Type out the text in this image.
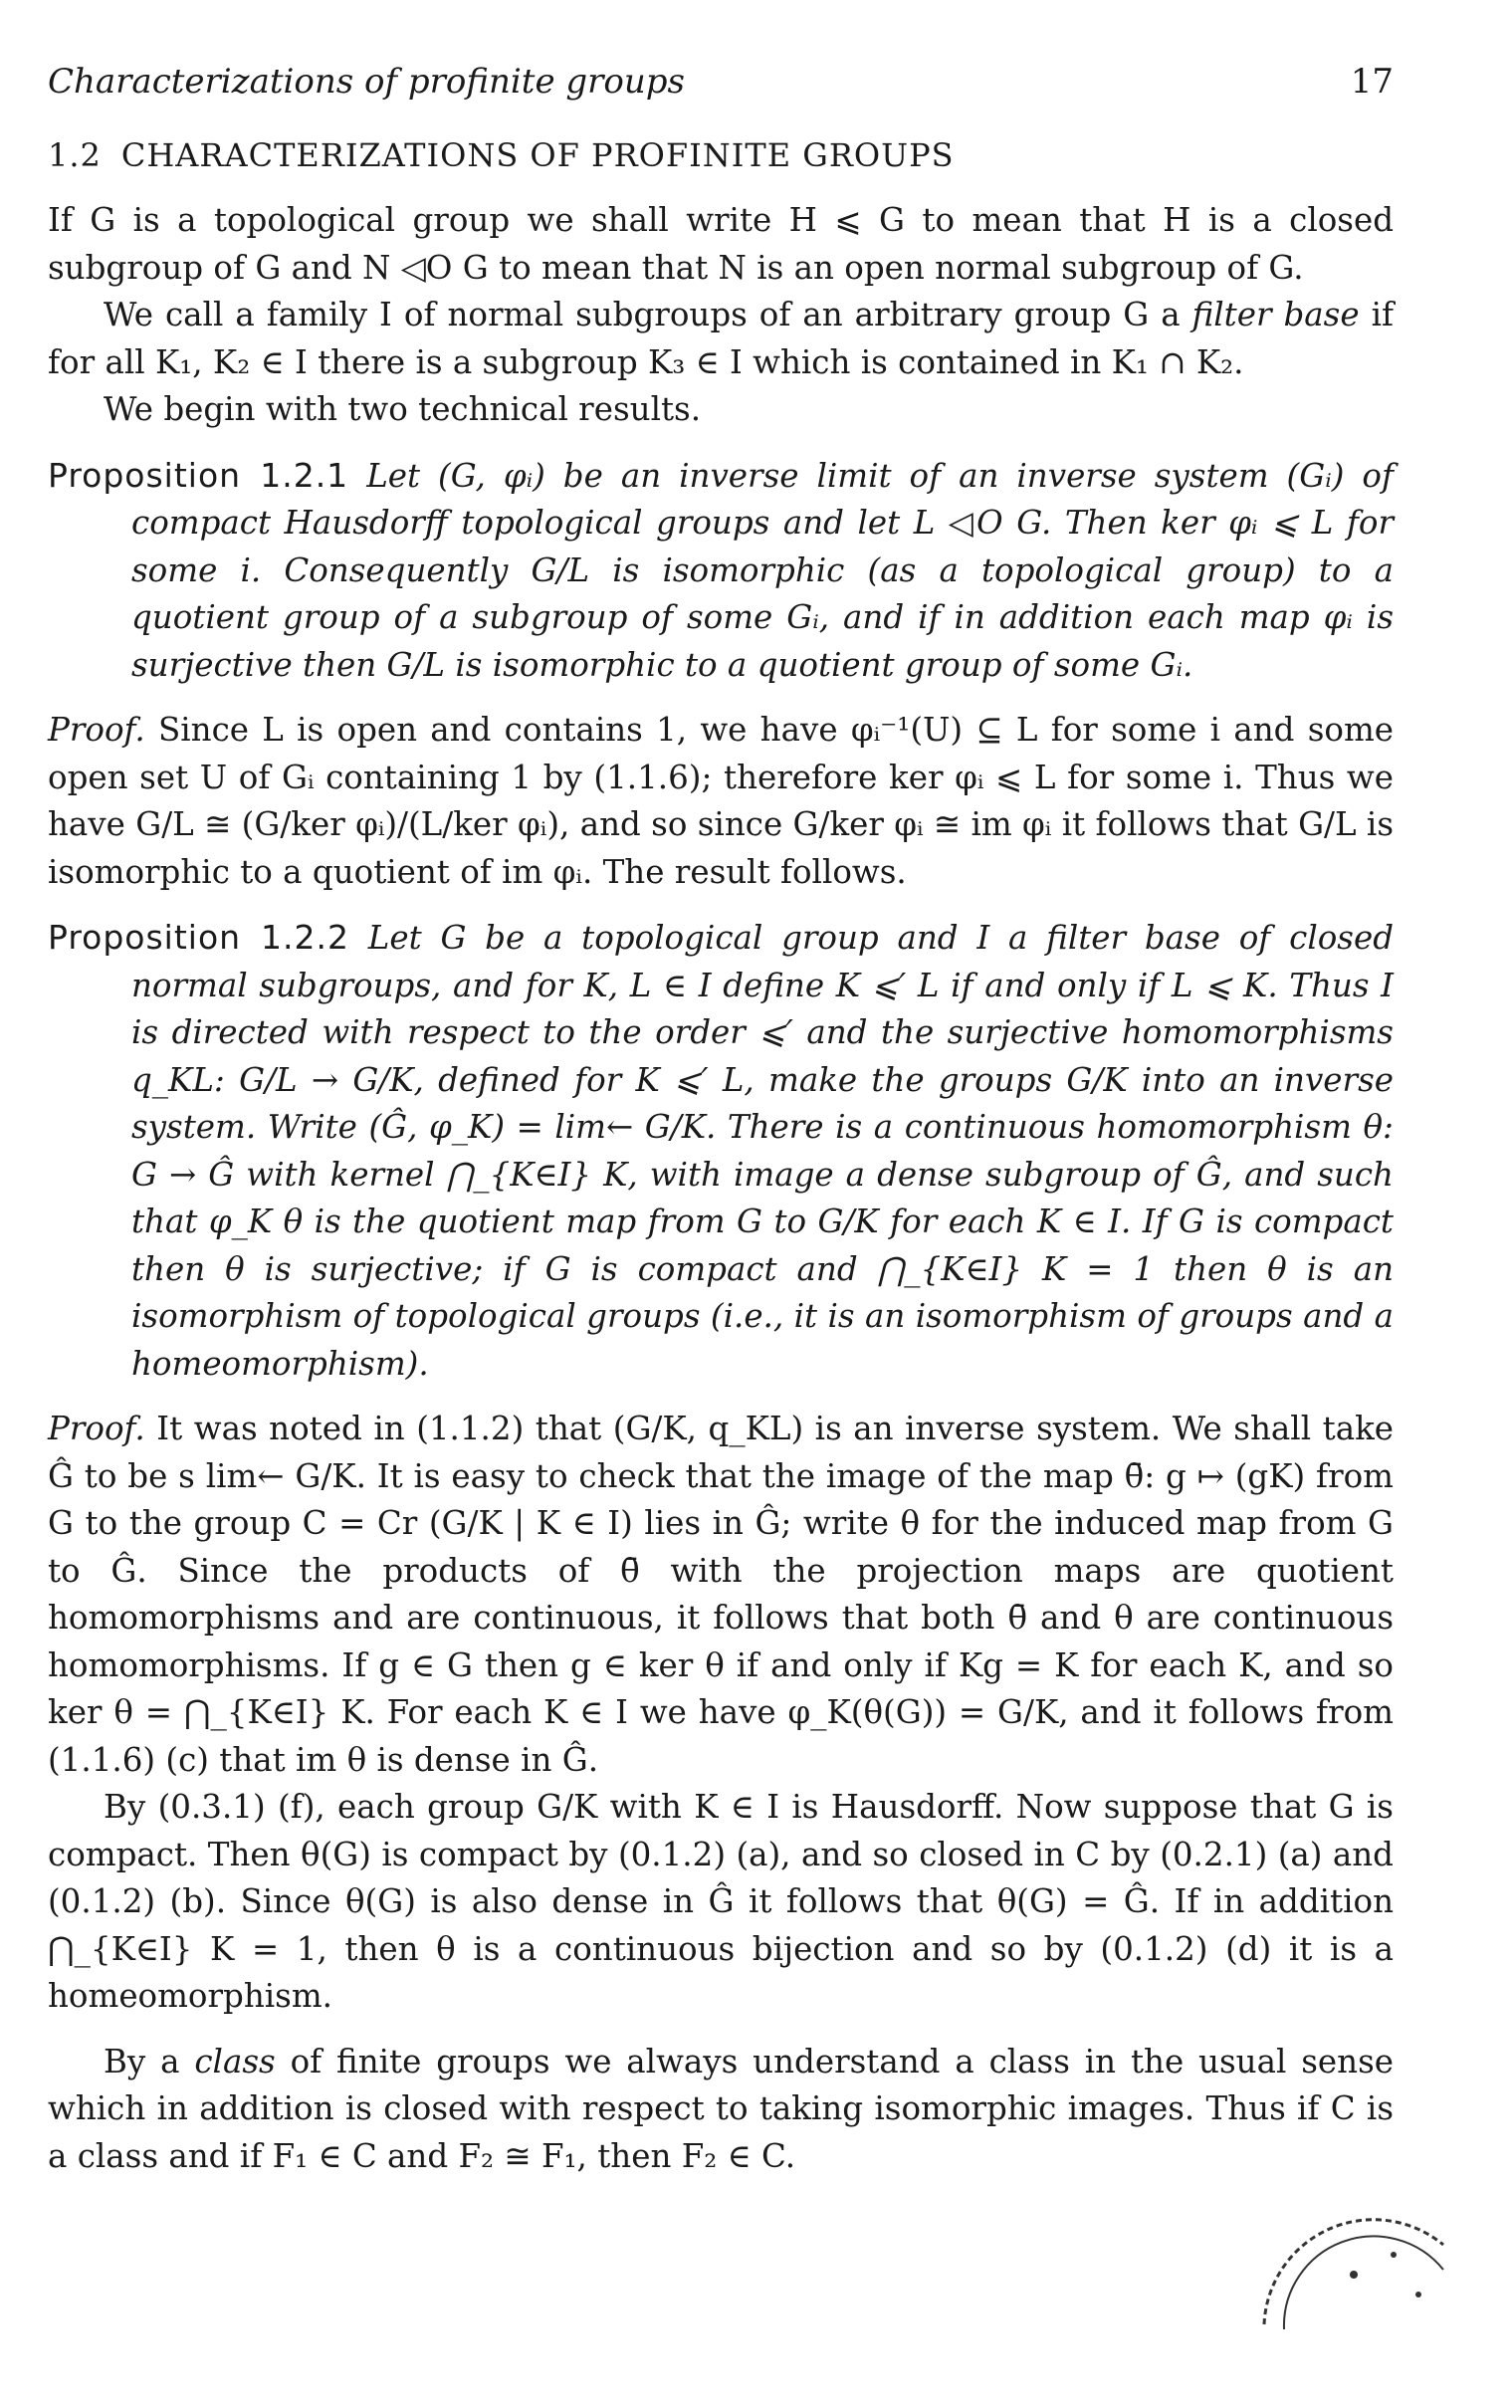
Characterizations of profinite groups	17
1.2 CHARACTERIZATIONS OF PROFINITE GROUPS

If G is a topological group we shall write H ⩽ G to mean that H is a closed subgroup of G and N ◁O G to mean that N is an open normal subgroup of G.

We call a family I of normal subgroups of an arbitrary group G a filter base if for all K₁, K₂ ∈ I there is a subgroup K₃ ∈ I which is contained in K₁ ∩ K₂.

We begin with two technical results.

Proposition 1.2.1 Let (G, φᵢ) be an inverse limit of an inverse system (Gᵢ) of compact Hausdorff topological groups and let L ◁O G. Then ker φᵢ ⩽ L for some i. Consequently G/L is isomorphic (as a topological group) to a quotient group of a subgroup of some Gᵢ, and if in addition each map φᵢ is surjective then G/L is isomorphic to a quotient group of some Gᵢ.

Proof. Since L is open and contains 1, we have φᵢ⁻¹(U) ⊆ L for some i and some open set U of Gᵢ containing 1 by (1.1.6); therefore ker φᵢ ⩽ L for some i. Thus we have G/L ≅ (G/ker φᵢ)/(L/ker φᵢ), and so since G/ker φᵢ ≅ im φᵢ it follows that G/L is isomorphic to a quotient of im φᵢ. The result follows.

Proposition 1.2.2 Let G be a topological group and I a filter base of closed normal subgroups, and for K, L ∈ I define K ⩽′ L if and only if L ⩽ K. Thus I is directed with respect to the order ⩽′ and the surjective homomorphisms q_KL: G/L → G/K, defined for K ⩽′ L, make the groups G/K into an inverse system. Write (Ĝ, φ_K) = lim← G/K. There is a continuous homomorphism θ: G → Ĝ with kernel ⋂_{K∈I} K, with image a dense subgroup of Ĝ, and such that φ_K θ is the quotient map from G to G/K for each K ∈ I. If G is compact then θ is surjective; if G is compact and ⋂_{K∈I} K = 1 then θ is an isomorphism of topological groups (i.e., it is an isomorphism of groups and a homeomorphism).

Proof. It was noted in (1.1.2) that (G/K, q_KL) is an inverse system. We shall take Ĝ to be s lim← G/K. It is easy to check that the image of the map θ̄: g ↦ (gK) from G to the group C = Cr (G/K | K ∈ I) lies in Ĝ; write θ for the induced map from G to Ĝ. Since the products of θ̄ with the projection maps are quotient homomorphisms and are continuous, it follows that both θ̄ and θ are continuous homomorphisms. If g ∈ G then g ∈ ker θ if and only if Kg = K for each K, and so ker θ = ⋂_{K∈I} K. For each K ∈ I we have φ_K(θ(G)) = G/K, and it follows from (1.1.6) (c) that im θ is dense in Ĝ.

By (0.3.1) (f), each group G/K with K ∈ I is Hausdorff. Now suppose that G is compact. Then θ(G) is compact by (0.1.2) (a), and so closed in C by (0.2.1) (a) and (0.1.2) (b). Since θ(G) is also dense in Ĝ it follows that θ(G) = Ĝ. If in addition ⋂_{K∈I} K = 1, then θ is a continuous bijection and so by (0.1.2) (d) it is a homeomorphism.

By a class of finite groups we always understand a class in the usual sense which in addition is closed with respect to taking isomorphic images. Thus if C is a class and if F₁ ∈ C and F₂ ≅ F₁, then F₂ ∈ C.
